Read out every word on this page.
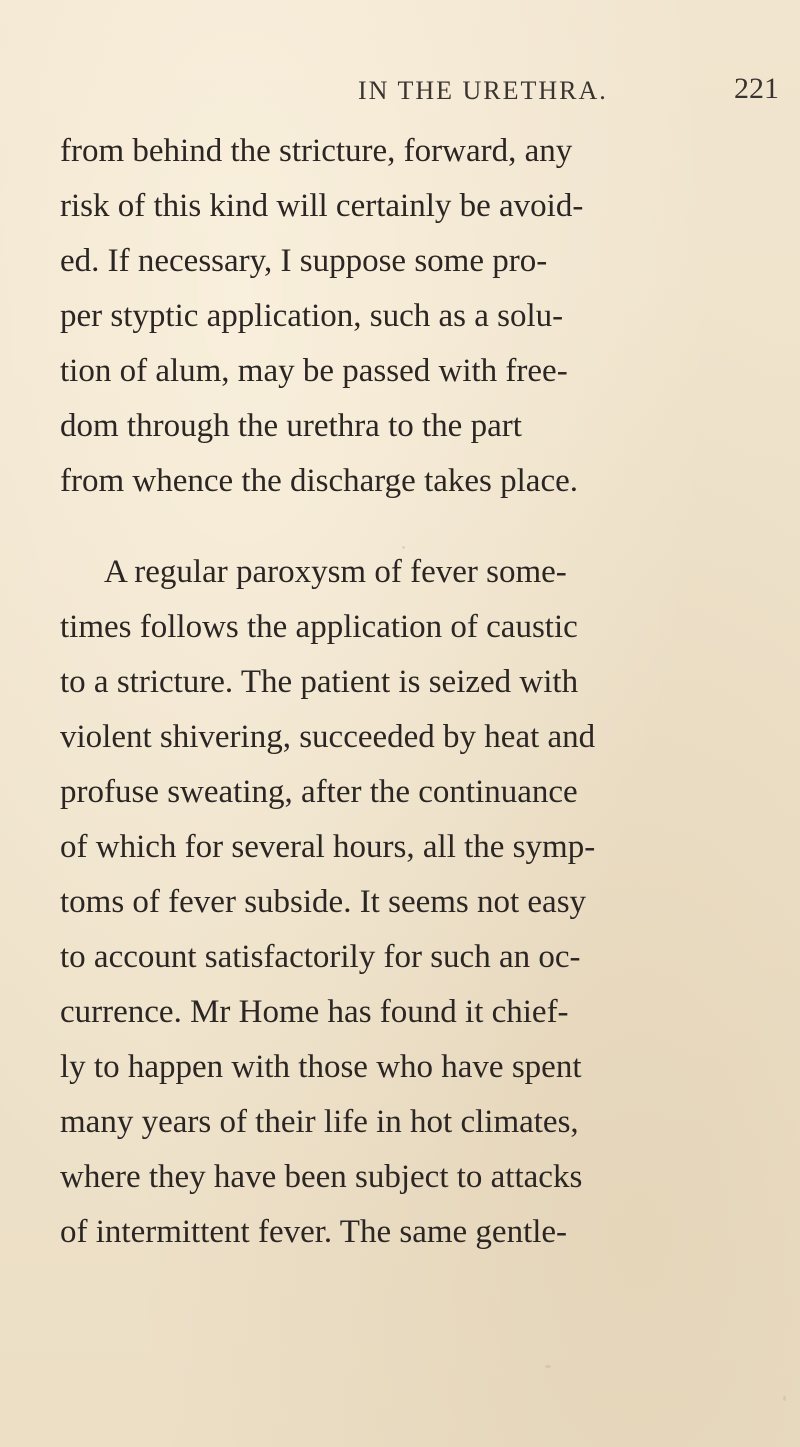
IN THE URETHRA.	221
from behind the stricture, forward, any
risk of this kind will certainly be avoid-
ed. If necessary, I suppose some pro-
per styptic application, such as a solu-
tion of alum, may be passed with free-
dom through the urethra to the part
from whence the discharge takes place.
A regular paroxysm of fever some-
times follows the application of caustic
to a stricture. The patient is seized with
violent shivering, succeeded by heat and
profuse sweating, after the continuance
of which for several hours, all the symp-
toms of fever subside. It seems not easy
to account satisfactorily for such an oc-
currence. Mr Home has found it chief-
ly to happen with those who have spent
many years of their life in hot climates,
where they have been subject to attacks
of intermittent fever. The same gentle-
